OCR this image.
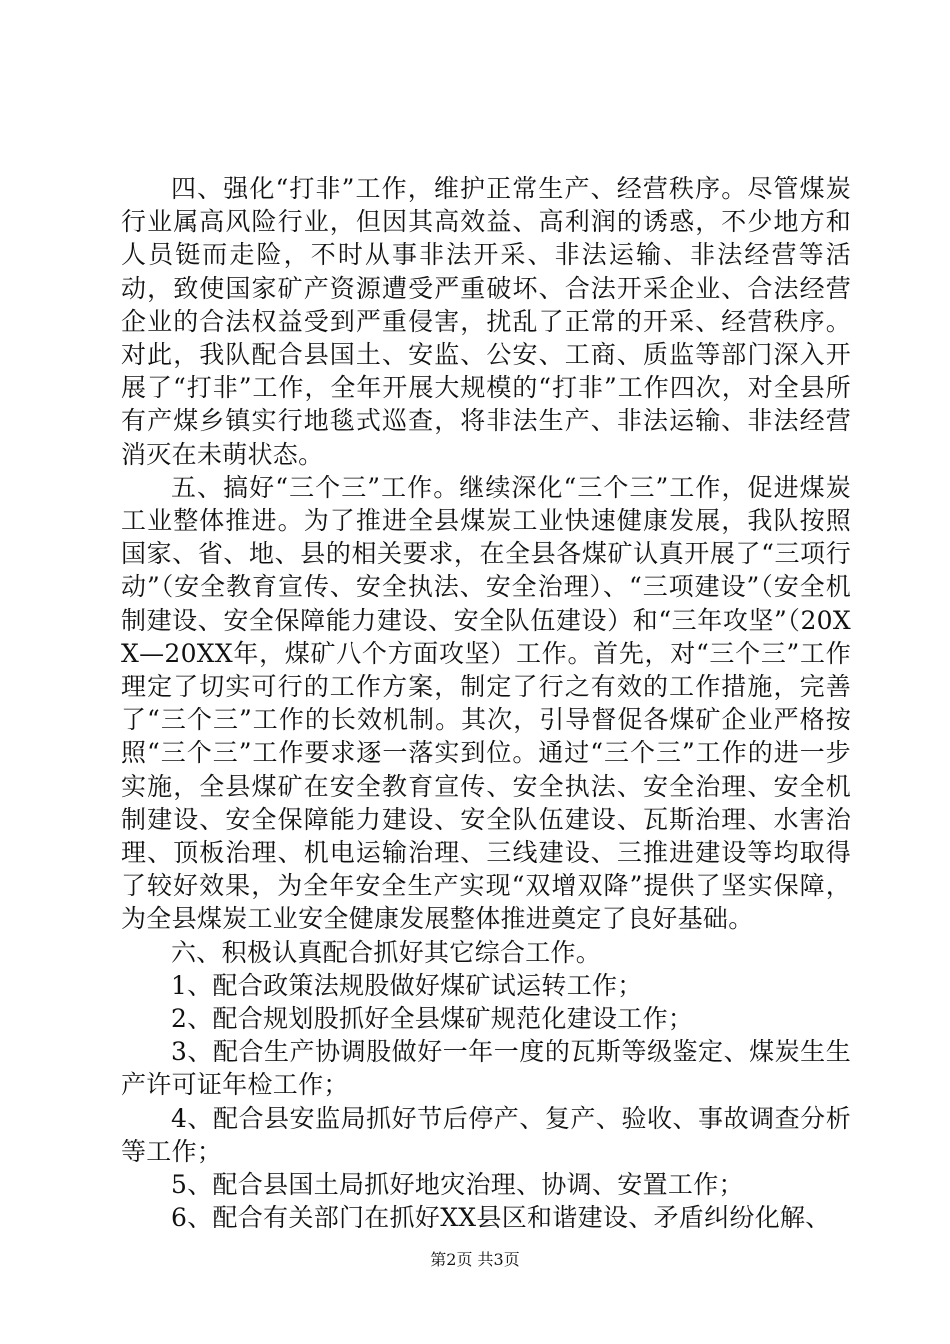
四、强化“打非”工作，维护正常生产、经营秩序。尽管煤炭行业属高风险行业，但因其高效益、高利润的诱惑，不少地方和人员铤而走险，不时从事非法开采、非法运输、非法经营等活动，致使国家矿产资源遭受严重破坏、合法开采企业、合法经营企业的合法权益受到严重侵害，扰乱了正常的开采、经营秩序。对此，我队配合县国土、安监、公安、工商、质监等部门深入开展了“打非”工作，全年开展大规模的“打非”工作四次，对全县所有产煤乡镇实行地毯式巡查，将非法生产、非法运输、非法经营消灭在未萌状态。

五、搞好“三个三”工作。继续深化“三个三”工作，促进煤炭工业整体推进。为了推进全县煤炭工业快速健康发展，我队按照国家、省、地、县的相关要求，在全县各煤矿认真开展了“三项行动”（安全教育宣传、安全执法、安全治理）、“三项建设”（安全机制建设、安全保障能力建设、安全队伍建设）和“三年攻坚”（20XX—20XX年，煤矿八个方面攻坚）工作。首先，对“三个三”工作理定了切实可行的工作方案，制定了行之有效的工作措施，完善了“三个三”工作的长效机制。其次，引导督促各煤矿企业严格按照“三个三”工作要求逐一落实到位。通过“三个三”工作的进一步实施，全县煤矿在安全教育宣传、安全执法、安全治理、安全机制建设、安全保障能力建设、安全队伍建设、瓦斯治理、水害治理、顶板治理、机电运输治理、三线建设、三推进建设等均取得了较好效果，为全年安全生产实现“双增双降”提供了坚实保障，为全县煤炭工业安全健康发展整体推进奠定了良好基础。

六、积极认真配合抓好其它综合工作。

1、配合政策法规股做好煤矿试运转工作；

2、配合规划股抓好全县煤矿规范化建设工作；

3、配合生产协调股做好一年一度的瓦斯等级鉴定、煤炭生生产许可证年检工作；

4、配合县安监局抓好节后停产、复产、验收、事故调查分析等工作；

5、配合县国土局抓好地灾治理、协调、安置工作；

6、配合有关部门在抓好XX县区和谐建设、矛盾纠纷化解、

第2页 共3页
